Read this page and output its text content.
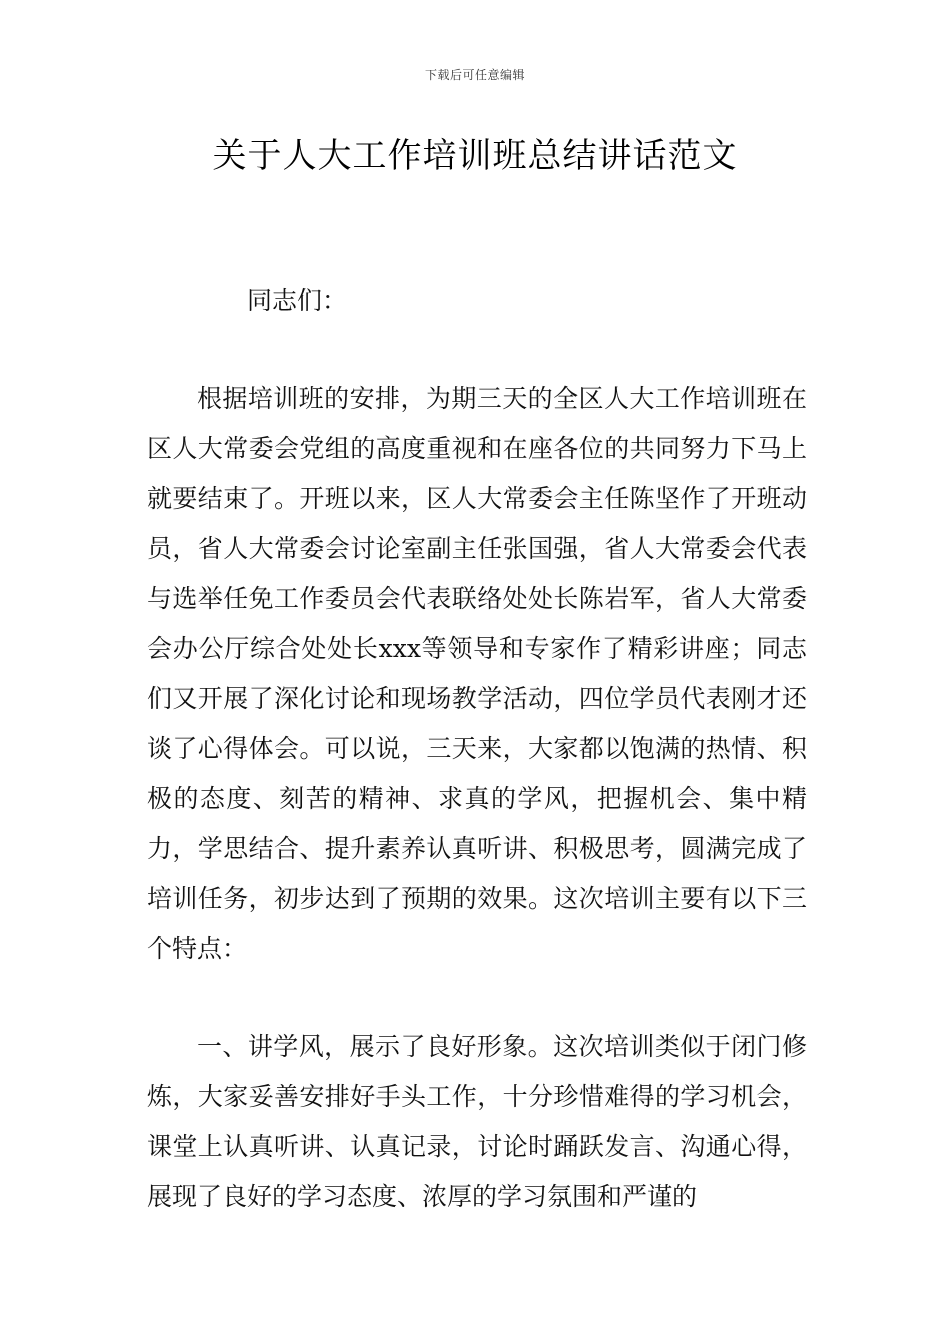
下载后可任意编辑
关于人大工作培训班总结讲话范文

同志们：

根据培训班的安排，为期三天的全区人大工作培训班在区人大常委会党组的高度重视和在座各位的共同努力下马上就要结束了。开班以来，区人大常委会主任陈坚作了开班动员，省人大常委会讨论室副主任张国强，省人大常委会代表与选举任免工作委员会代表联络处处长陈岩军，省人大常委会办公厅综合处处长xxx等领导和专家作了精彩讲座；同志们又开展了深化讨论和现场教学活动，四位学员代表刚才还谈了心得体会。可以说，三天来，大家都以饱满的热情、积极的态度、刻苦的精神、求真的学风，把握机会、集中精力，学思结合、提升素养认真听讲、积极思考，圆满完成了培训任务，初步达到了预期的效果。这次培训主要有以下三个特点：

一、讲学风，展示了良好形象。这次培训类似于闭门修炼，大家妥善安排好手头工作，十分珍惜难得的学习机会，课堂上认真听讲、认真记录，讨论时踊跃发言、沟通心得，展现了良好的学习态度、浓厚的学习氛围和严谨的
